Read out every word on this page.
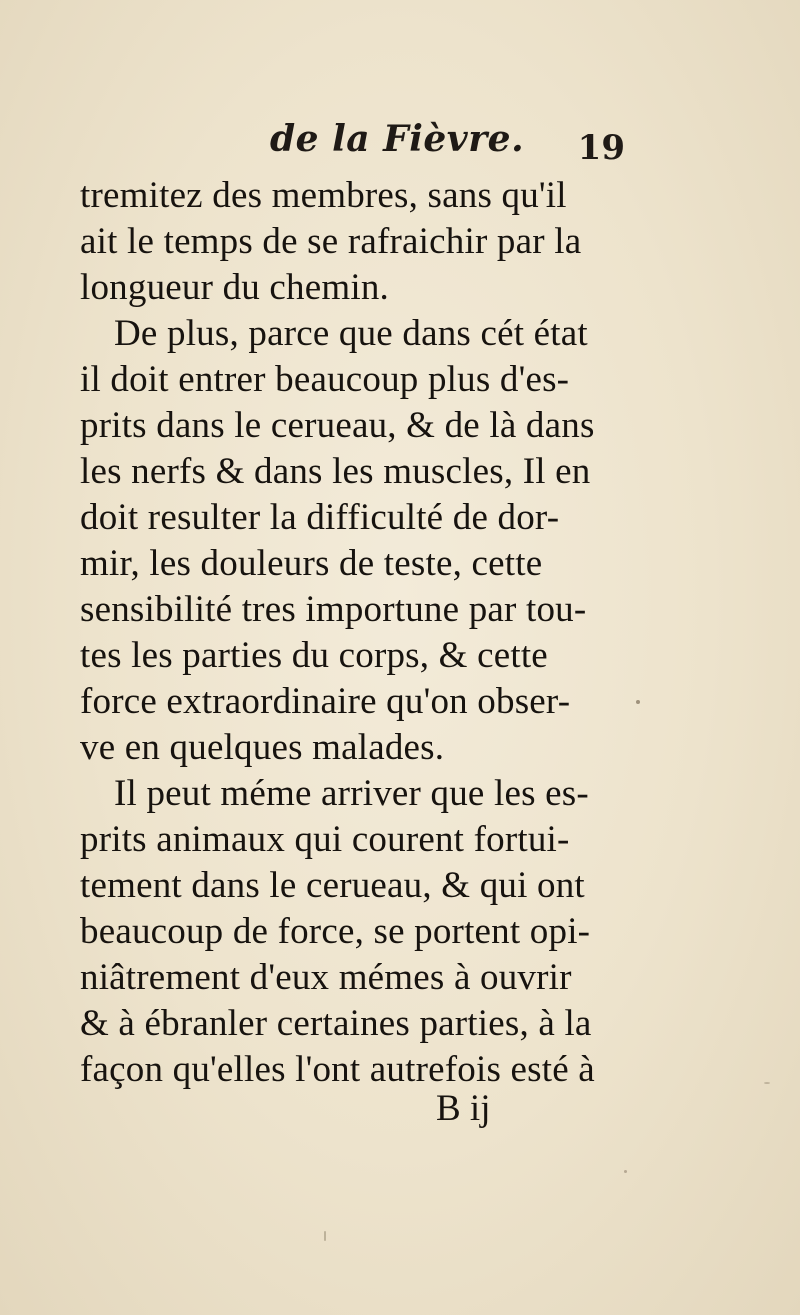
de la Fièvre. 19
tremitez des membres, sans qu'il
ait le temps de se rafraichir par la
longueur du chemin.
De plus, parce que dans cét état
il doit entrer beaucoup plus d'es-
prits dans le cerueau, & de là dans
les nerfs & dans les muscles, Il en
doit resulter la difficulté de dor-
mir, les douleurs de teste, cette
sensibilité tres importune par tou-
tes les parties du corps, & cette
force extraordinaire qu'on obser-
ve en quelques malades.
Il peut méme arriver que les es-
prits animaux qui courent fortui-
tement dans le cerueau, & qui ont
beaucoup de force, se portent opi-
niâtrement d'eux mémes à ouvrir
& à ébranler certaines parties, à la
façon qu'elles l'ont autrefois esté à
B ij
